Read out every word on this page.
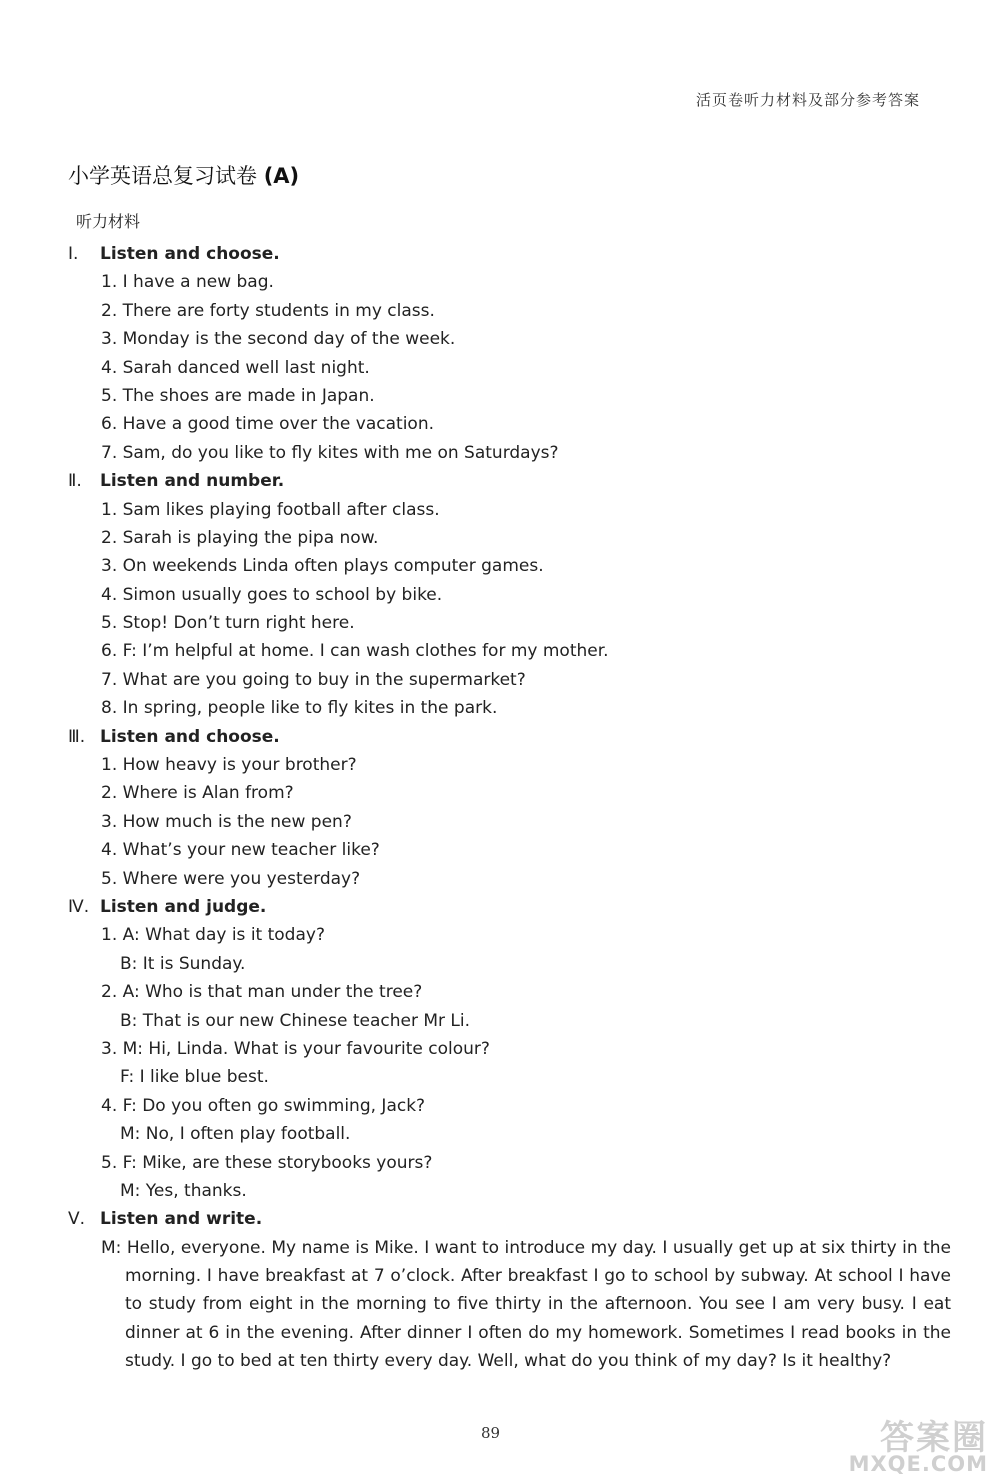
活页卷听力材料及部分参考答案
小学英语总复习试卷 (A)
听力材料
Ⅰ. Listen and choose.
1. I have a new bag.
2. There are forty students in my class.
3. Monday is the second day of the week.
4. Sarah danced well last night.
5. The shoes are made in Japan.
6. Have a good time over the vacation.
7. Sam, do you like to fly kites with me on Saturdays?
Ⅱ. Listen and number.
1. Sam likes playing football after class.
2. Sarah is playing the pipa now.
3. On weekends Linda often plays computer games.
4. Simon usually goes to school by bike.
5. Stop! Don’t turn right here.
6. F: I’m helpful at home. I can wash clothes for my mother.
7. What are you going to buy in the supermarket?
8. In spring, people like to fly kites in the park.
Ⅲ. Listen and choose.
1. How heavy is your brother?
2. Where is Alan from?
3. How much is the new pen?
4. What’s your new teacher like?
5. Where were you yesterday?
Ⅳ. Listen and judge.
1. A: What day is it today?
B: It is Sunday.
2. A: Who is that man under the tree?
B: That is our new Chinese teacher Mr Li.
3. M: Hi, Linda. What is your favourite colour?
F: I like blue best.
4. F: Do you often go swimming, Jack?
M: No, I often play football.
5. F: Mike, are these storybooks yours?
M: Yes, thanks.
Ⅴ. Listen and write.
M: Hello, everyone. My name is Mike. I want to introduce my day. I usually get up at six thirty in the morning. I have breakfast at 7 o’clock. After breakfast I go to school by subway. At school I have to study from eight in the morning to five thirty in the afternoon. You see I am very busy. I eat dinner at 6 in the evening. After dinner I often do my homework. Sometimes I read books in the study. I go to bed at ten thirty every day. Well, what do you think of my day? Is it healthy?
89	答案圈
MXQE.COM
